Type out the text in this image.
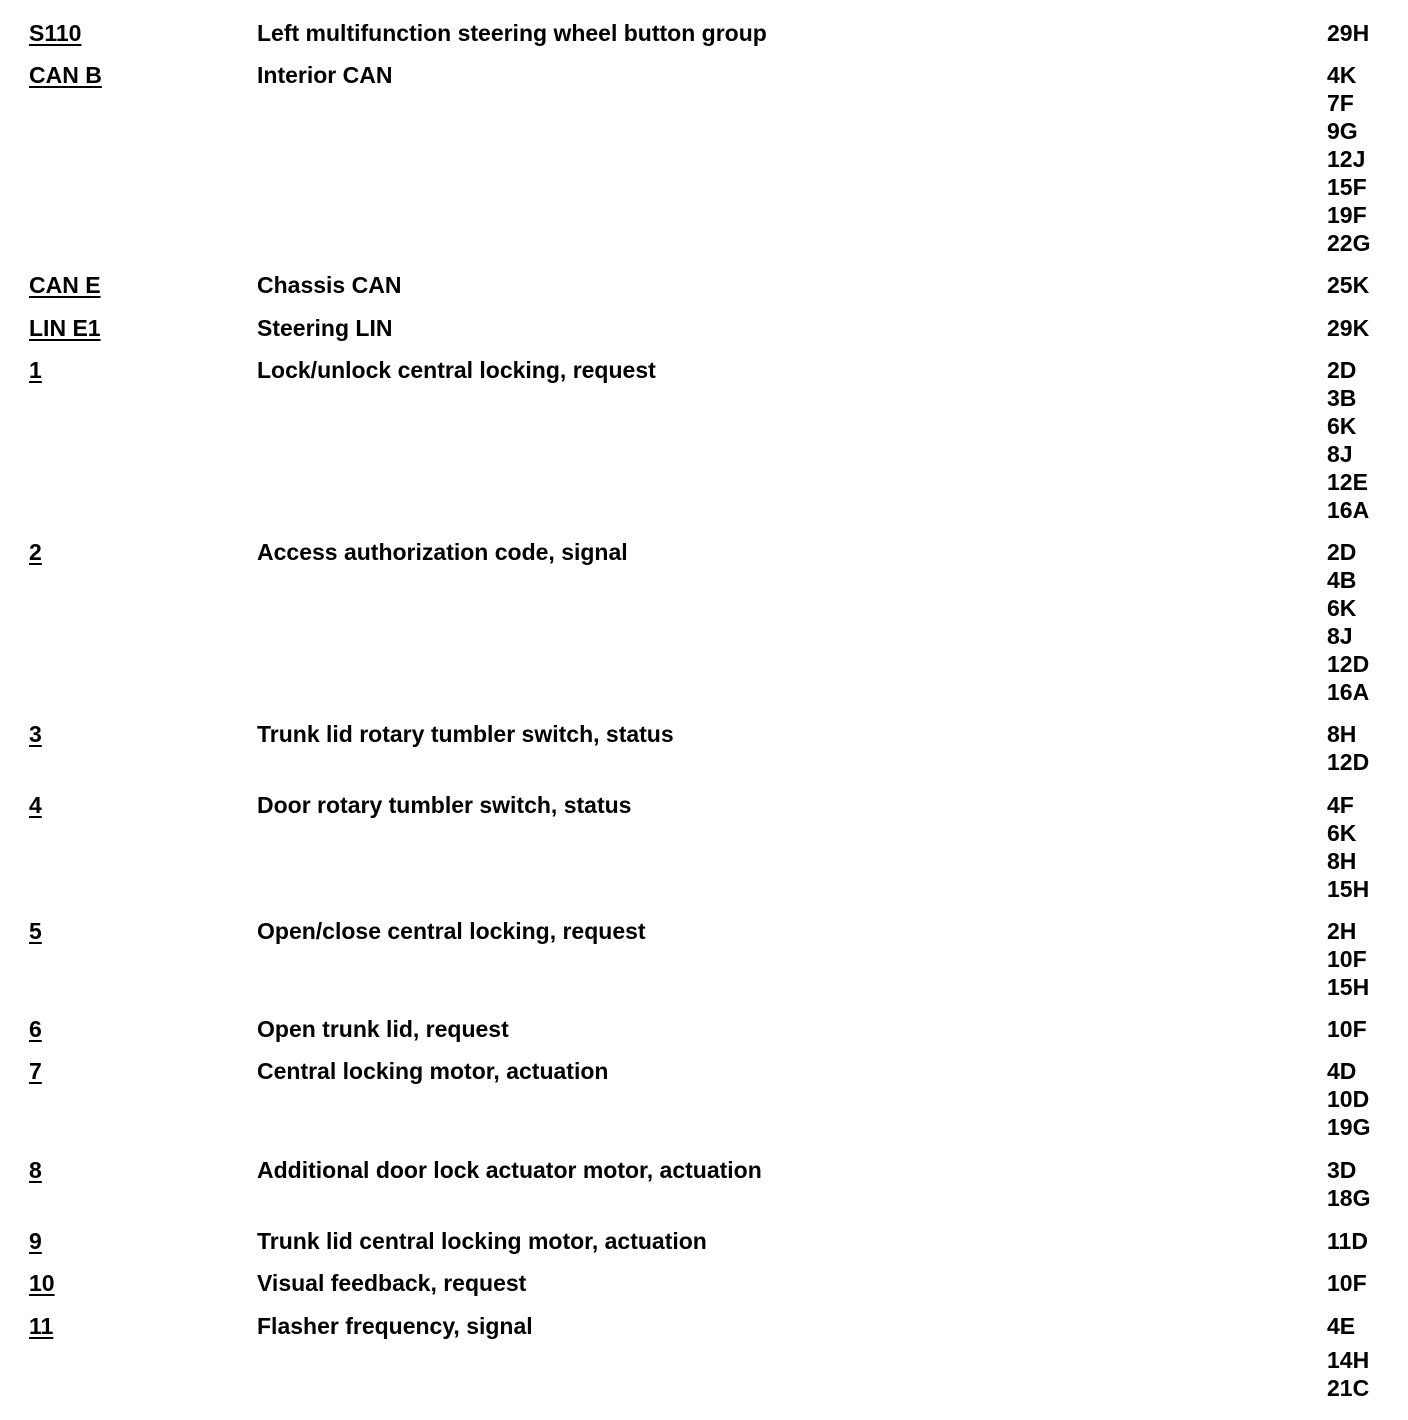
S110	Left multifunction steering wheel button group	29H
CAN B	Interior CAN	4K
7F
9G
12J
15F
19F
22G
CAN E	Chassis CAN	25K
LIN E1	Steering LIN	29K
1	Lock/unlock central locking, request	2D
3B
6K
8J
12E
16A
2	Access authorization code, signal	2D
4B
6K
8J
12D
16A
3	Trunk lid rotary tumbler switch, status	8H
12D
4	Door rotary tumbler switch, status	4F
6K
8H
15H
5	Open/close central locking, request	2H
10F
15H
6	Open trunk lid, request	10F
7	Central locking motor, actuation	4D
10D
19G
8	Additional door lock actuator motor, actuation	3D
18G
9	Trunk lid central locking motor, actuation	11D
10	Visual feedback, request	10F
11	Flasher frequency, signal	4E
14H
21C
